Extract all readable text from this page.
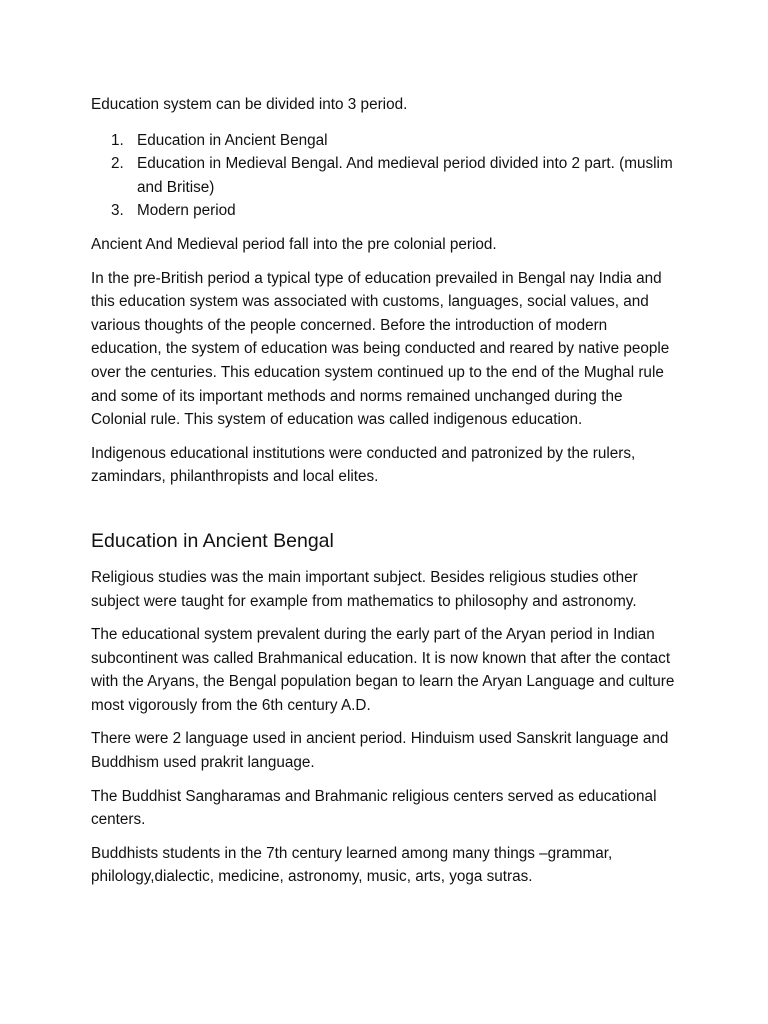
Education system can be divided into 3 period.

1. Education in Ancient Bengal
2. Education in Medieval Bengal. And medieval period divided into 2 part. (muslim and Britise)
3. Modern period

Ancient And Medieval period fall into the pre colonial period.

In the pre-British period a typical type of education prevailed in Bengal nay India and this education system was associated with customs, languages, social values, and various thoughts of the people concerned. Before the introduction of modern education, the system of education was being conducted and reared by native people over the centuries. This education system continued up to the end of the Mughal rule and some of its important methods and norms remained unchanged during the Colonial rule. This system of education was called indigenous education.

Indigenous educational institutions were conducted and patronized by the rulers, zamindars, philanthropists and local elites.

Education in Ancient Bengal

Religious studies was the main important subject. Besides religious studies other subject were taught for example from mathematics to philosophy and astronomy.

The educational system prevalent during the early part of the Aryan period in Indian subcontinent was called Brahmanical education. It is now known that after the contact with the Aryans, the Bengal population began to learn the Aryan Language and culture most vigorously from the 6th century A.D.

There were 2 language used in ancient period. Hinduism used Sanskrit language and Buddhism used prakrit language.

The Buddhist Sangharamas and Brahmanic religious centers served as educational centers.

Buddhists students in the 7th century learned among many things –grammar, philology,dialectic, medicine, astronomy, music, arts, yoga sutras.
